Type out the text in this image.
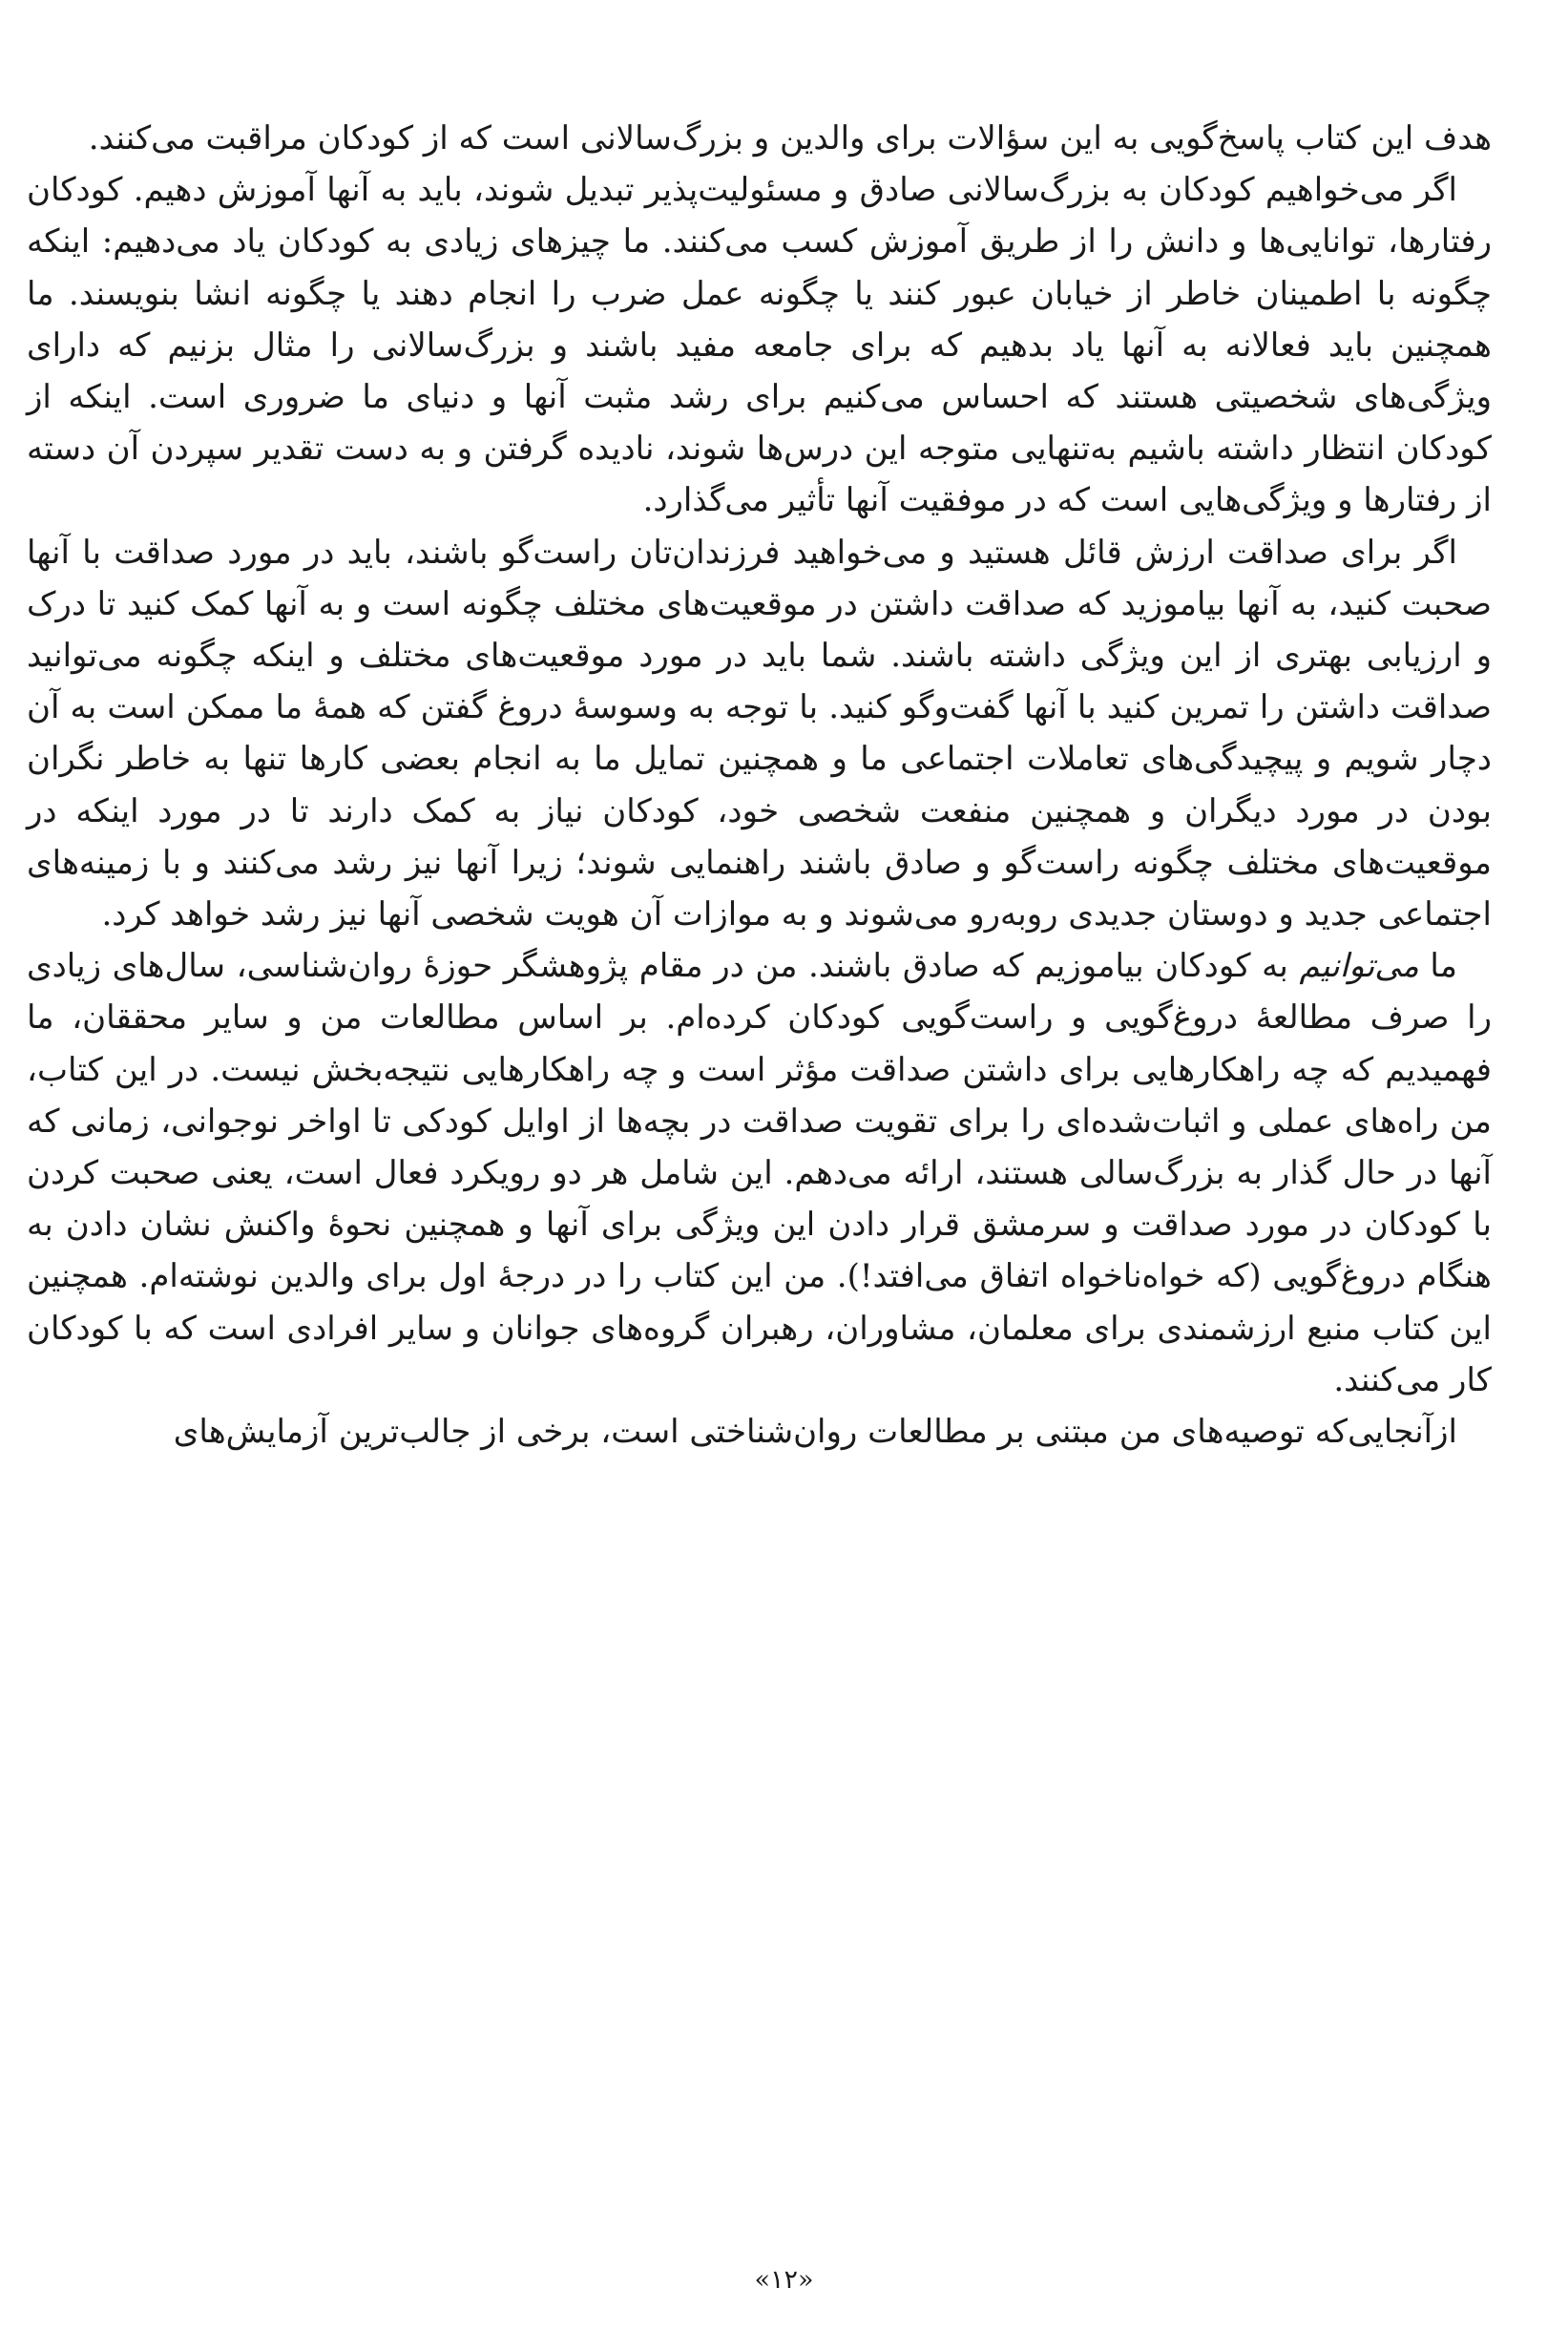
هدف این کتاب پاسخ‌گویی به این سؤالات برای والدین و بزرگ‌سالانی است که از کودکان مراقبت می‌کنند.

اگر می‌خواهیم کودکان به بزرگ‌سالانی صادق و مسئولیت‌پذیر تبدیل شوند، باید به آنها آموزش دهیم. کودکان رفتارها، توانایی‌ها و دانش را از طریق آموزش کسب می‌کنند. ما چیزهای زیادی به کودکان یاد می‌دهیم: اینکه چگونه با اطمینان خاطر از خیابان عبور کنند یا چگونه عمل ضرب را انجام دهند یا چگونه انشا بنویسند. ما همچنین باید فعالانه به آنها یاد بدهیم که برای جامعه مفید باشند و بزرگ‌سالانی را مثال بزنیم که دارای ویژگی‌های شخصیتی هستند که احساس می‌کنیم برای رشد مثبت آنها و دنیای ما ضروری است. اینکه از کودکان انتظار داشته باشیم به‌تنهایی متوجه این درس‌ها شوند، نادیده گرفتن و به دست تقدیر سپردن آن دسته از رفتارها و ویژگی‌هایی است که در موفقیت آنها تأثیر می‌گذارد.

اگر برای صداقت ارزش قائل هستید و می‌خواهید فرزندان‌تان راست‌گو باشند، باید در مورد صداقت با آنها صحبت کنید، به آنها بیاموزید که صداقت داشتن در موقعیت‌های مختلف چگونه است و به آنها کمک کنید تا درک و ارزیابی بهتری از این ویژگی داشته باشند. شما باید در مورد موقعیت‌های مختلف و اینکه چگونه می‌توانید صداقت داشتن را تمرین کنید با آنها گفت‌وگو کنید. با توجه به وسوسهٔ دروغ گفتن که همهٔ ما ممکن است به آن دچار شویم و پیچیدگی‌های تعاملات اجتماعی ما و همچنین تمایل ما به انجام بعضی کارها تنها به خاطر نگران بودن در مورد دیگران و همچنین منفعت شخصی خود، کودکان نیاز به کمک دارند تا در مورد اینکه در موقعیت‌های مختلف چگونه راست‌گو و صادق باشند راهنمایی شوند؛ زیرا آنها نیز رشد می‌کنند و با زمینه‌های اجتماعی جدید و دوستان جدیدی روبه‌رو می‌شوند و به موازات آن هویت شخصی آنها نیز رشد خواهد کرد.

ما می‌توانیم به کودکان بیاموزیم که صادق باشند. من در مقام پژوهشگر حوزهٔ روان‌شناسی، سال‌های زیادی را صرف مطالعهٔ دروغ‌گویی و راست‌گویی کودکان کرده‌ام. بر اساس مطالعات من و سایر محققان، ما فهمیدیم که چه راهکارهایی برای داشتن صداقت مؤثر است و چه راهکارهایی نتیجه‌بخش نیست. در این کتاب، من راه‌های عملی و اثبات‌شده‌ای را برای تقویت صداقت در بچه‌ها از اوایل کودکی تا اواخر نوجوانی، زمانی که آنها در حال گذار به بزرگ‌سالی هستند، ارائه می‌دهم. این شامل هر دو رویکرد فعال است، یعنی صحبت کردن با کودکان در مورد صداقت و سرمشق قرار دادن این ویژگی برای آنها و همچنین نحوهٔ واکنش نشان دادن به هنگام دروغ‌گویی (که خواه‌ناخواه اتفاق می‌افتد!). من این کتاب را در درجهٔ اول برای والدین نوشته‌ام. همچنین این کتاب منبع ارزشمندی برای معلمان، مشاوران، رهبران گروه‌های جوانان و سایر افرادی است که با کودکان کار می‌کنند.

ازآنجایی‌که توصیه‌های من مبتنی بر مطالعات روان‌شناختی است، برخی از جالب‌ترین آزمایش‌های

«۱۲»
